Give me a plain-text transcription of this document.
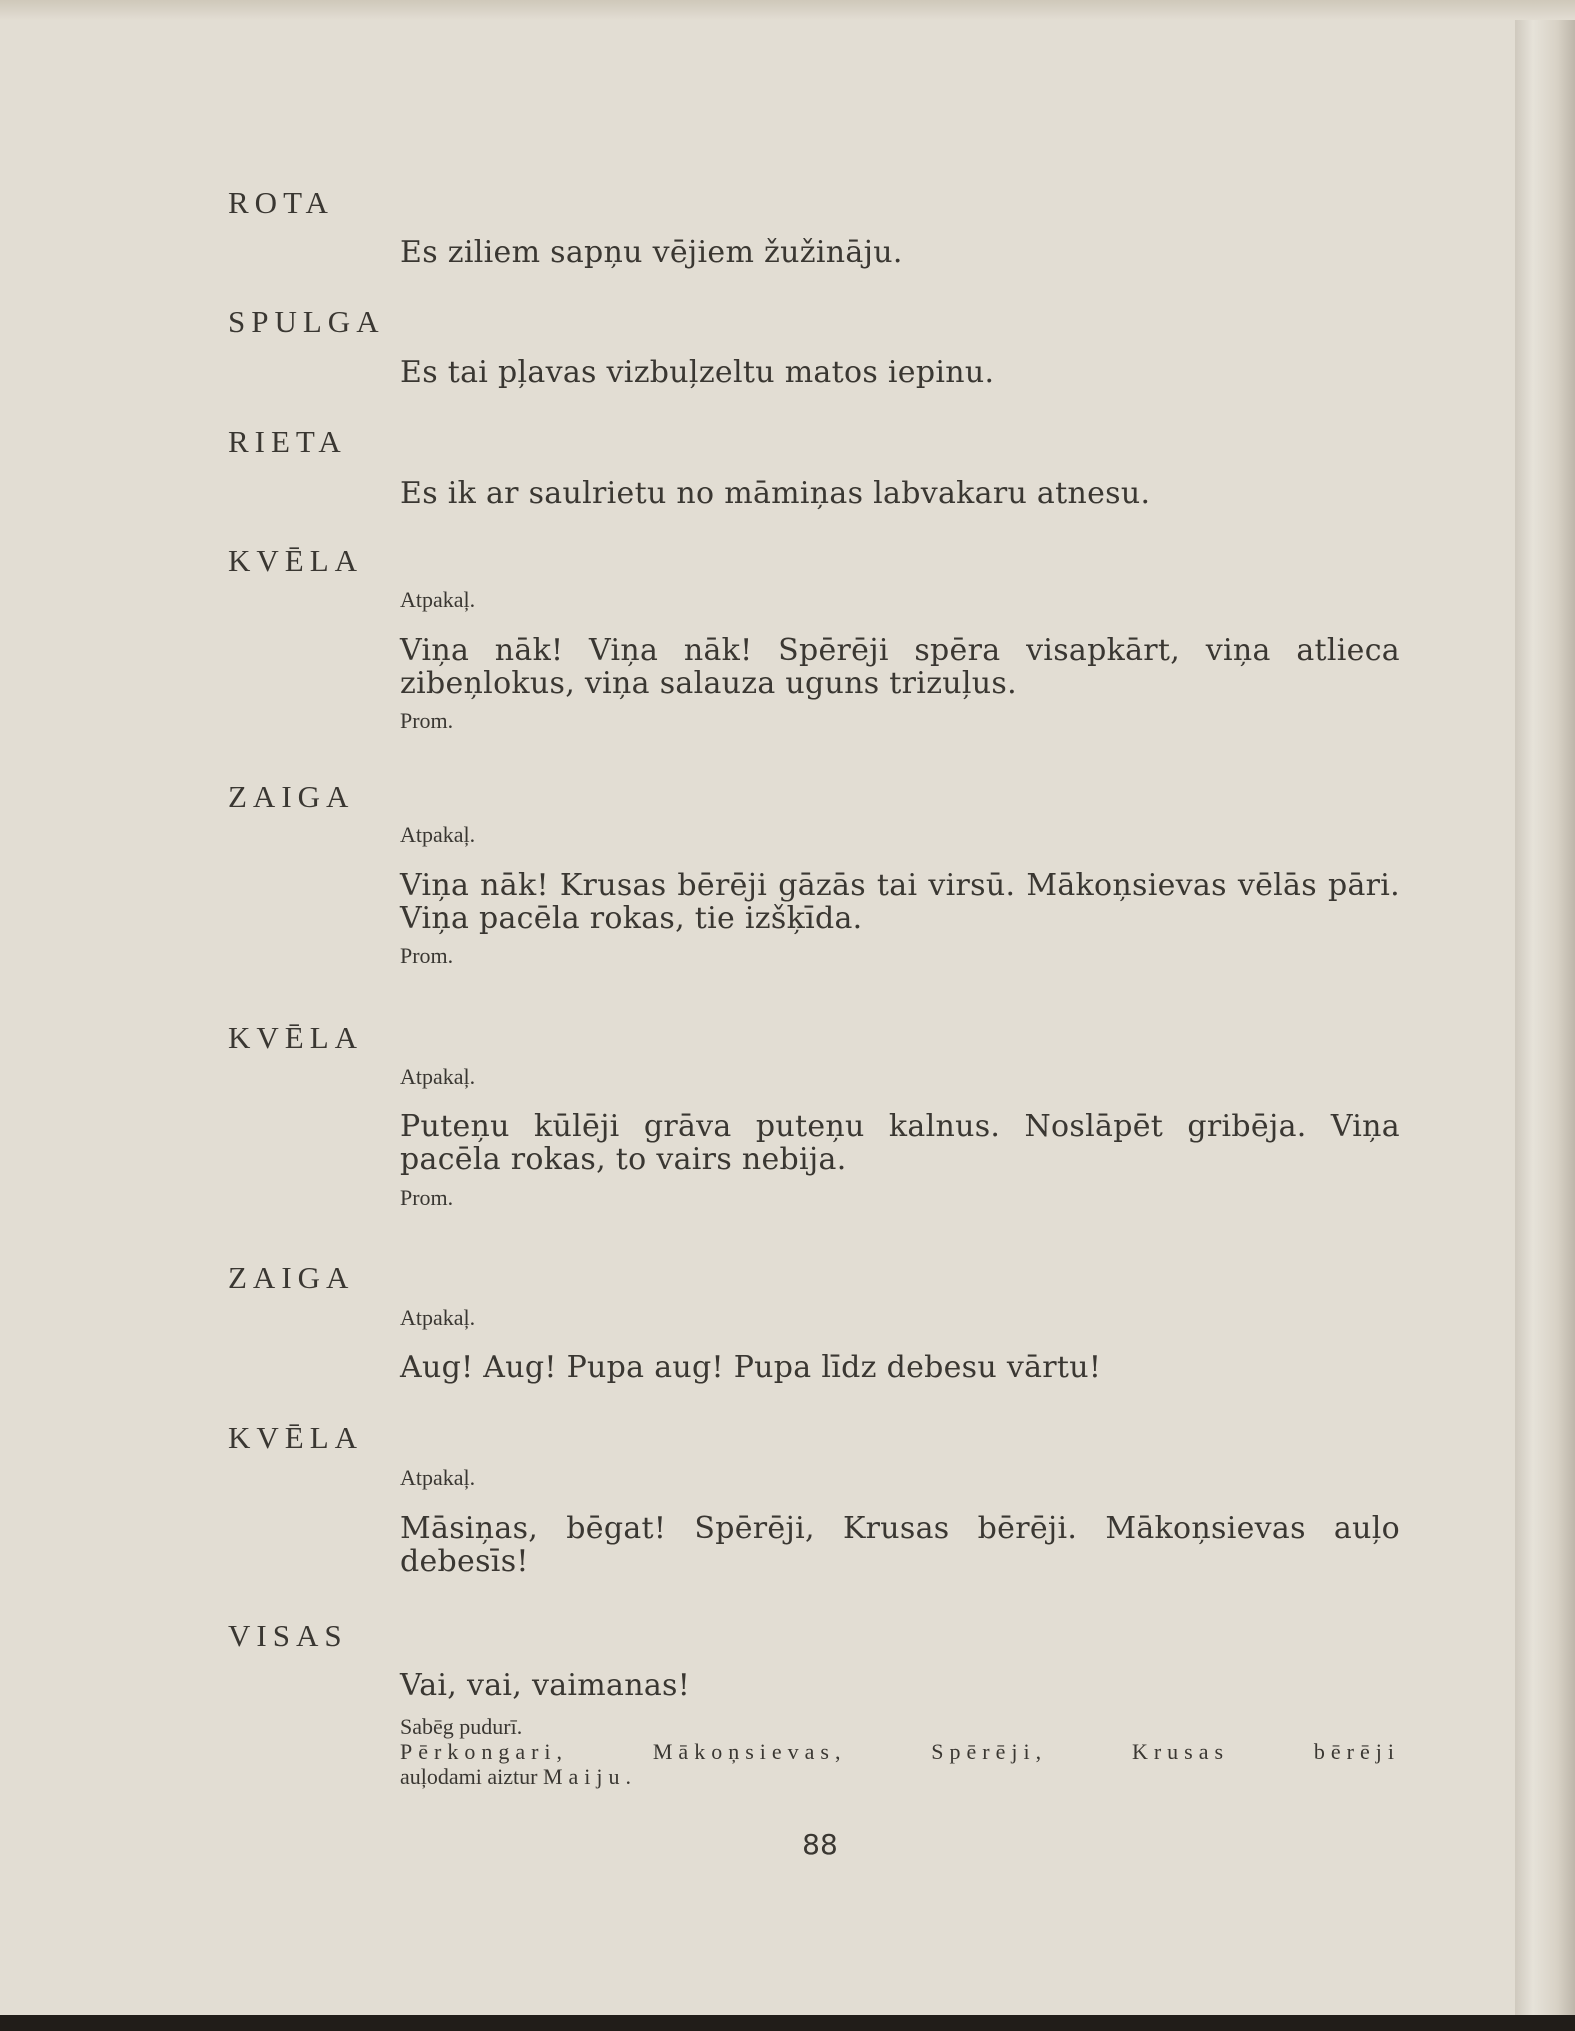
ROTA
Es ziliem sapņu vējiem žužināju.
SPULGA
Es tai pļavas vizbuļzeltu matos iepinu.
RIETA
Es ik ar saulrietu no māmiņas labvakaru atnesu.
KVĒLA
Atpakaļ.
Viņa nāk! Viņa nāk! Spērēji spēra visapkārt, viņa atlieca zibeņlokus, viņa salauza uguns trizuļus.
Prom.
ZAIGA
Atpakaļ.
Viņa nāk! Krusas bērēji gāzās tai virsū. Mākoņsievas vēlās pāri. Viņa pacēla rokas, tie izšķīda.
Prom.
KVĒLA
Atpakaļ.
Puteņu kūlēji grāva puteņu kalnus. Noslāpēt gribēja. Viņa pacēla rokas, to vairs nebija.
Prom.
ZAIGA
Atpakaļ.
Aug! Aug! Pupa aug! Pupa līdz debesu vārtu!
KVĒLA
Atpakaļ.
Māsiņas, bēgat! Spērēji, Krusas bērēji. Mākoņsievas auļo debesīs!
VISAS
Vai, vai, vaimanas!
Sabēg pudurī.
Pērkongari, Mākoņsievas, Spērēji, Krusas bērēji
auļodami aiztur Maiju.
88
